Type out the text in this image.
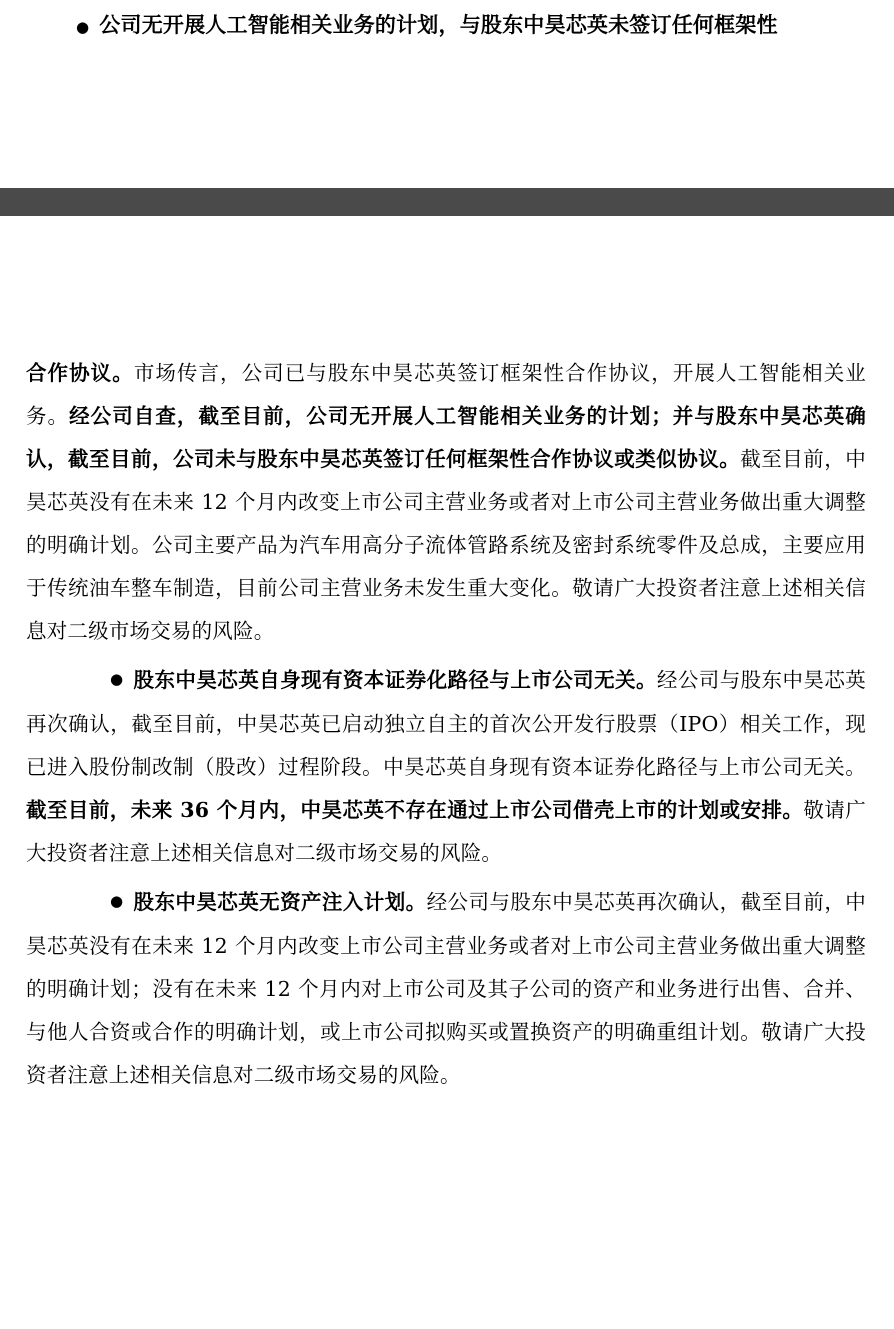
● 公司无开展人工智能相关业务的计划，与股东中昊芯英未签订任何框架性

合作协议。市场传言，公司已与股东中昊芯英签订框架性合作协议，开展人工智能相关业务。经公司自查，截至目前，公司无开展人工智能相关业务的计划；并与股东中昊芯英确认，截至目前，公司未与股东中昊芯英签订任何框架性合作协议或类似协议。截至目前，中昊芯英没有在未来 12 个月内改变上市公司主营业务或者对上市公司主营业务做出重大调整的明确计划。公司主要产品为汽车用高分子流体管路系统及密封系统零件及总成，主要应用于传统油车整车制造，目前公司主营业务未发生重大变化。敬请广大投资者注意上述相关信息对二级市场交易的风险。

● 股东中昊芯英自身现有资本证券化路径与上市公司无关。经公司与股东中昊芯英再次确认，截至目前，中昊芯英已启动独立自主的首次公开发行股票（IPO）相关工作，现已进入股份制改制（股改）过程阶段。中昊芯英自身现有资本证券化路径与上市公司无关。截至目前，未来 36 个月内，中昊芯英不存在通过上市公司借壳上市的计划或安排。敬请广大投资者注意上述相关信息对二级市场交易的风险。

● 股东中昊芯英无资产注入计划。经公司与股东中昊芯英再次确认，截至目前，中昊芯英没有在未来 12 个月内改变上市公司主营业务或者对上市公司主营业务做出重大调整的明确计划；没有在未来 12 个月内对上市公司及其子公司的资产和业务进行出售、合并、与他人合资或合作的明确计划，或上市公司拟购买或置换资产的明确重组计划。敬请广大投资者注意上述相关信息对二级市场交易的风险。
